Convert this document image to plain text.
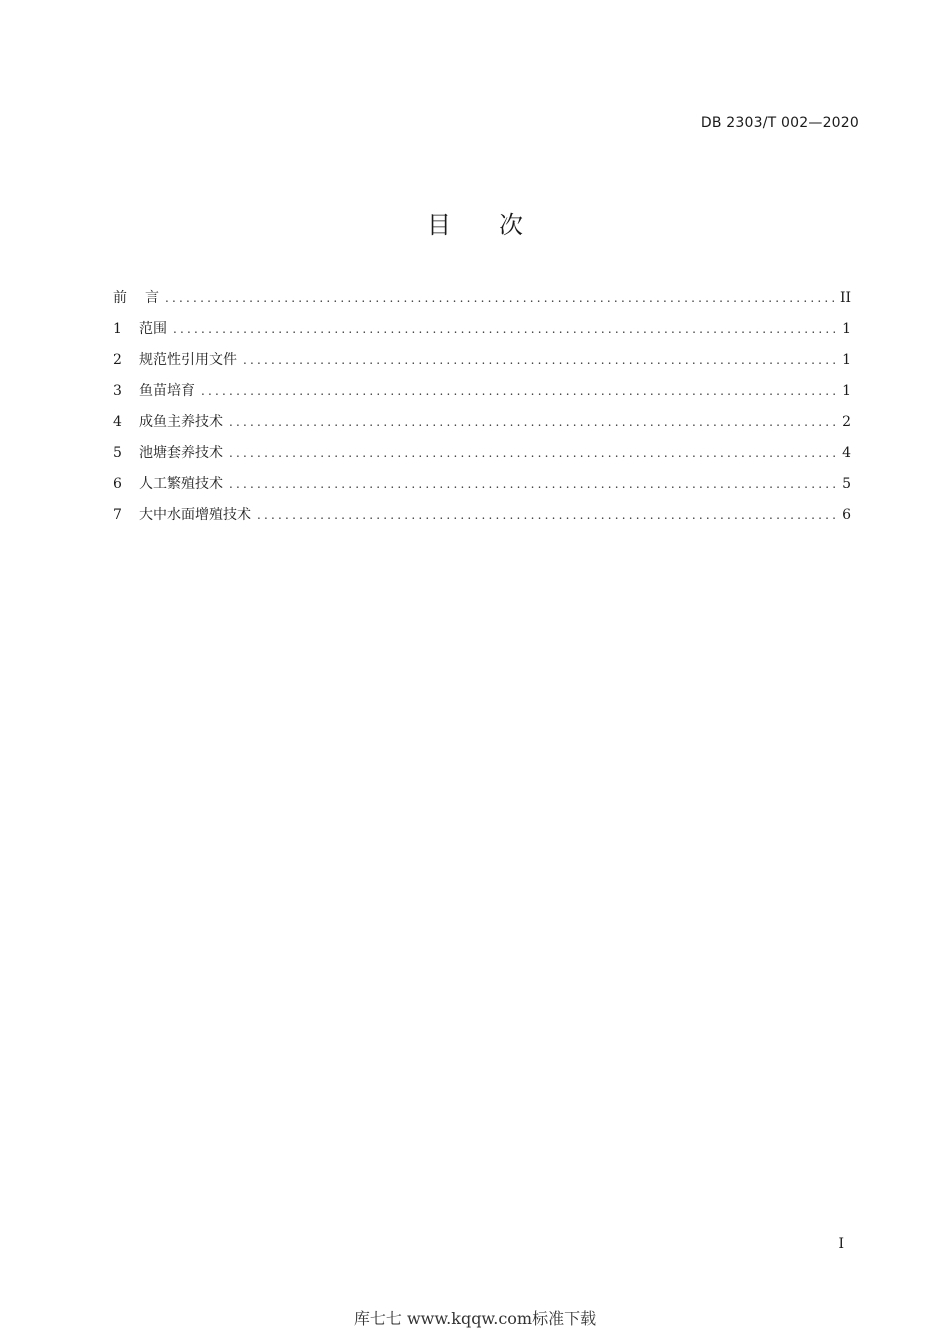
DB 2303/T 002—2020
目 次
前言 .....	II
1	范围 .....	1
2	规范性引用文件 .....	1
3	鱼苗培育 .....	1
4	成鱼主养技术 .....	2
5	池塘套养技术 .....	4
6	人工繁殖技术 .....	5
7	大中水面增殖技术 .....	6
I
库七七 www.kqqw.com标准下载
